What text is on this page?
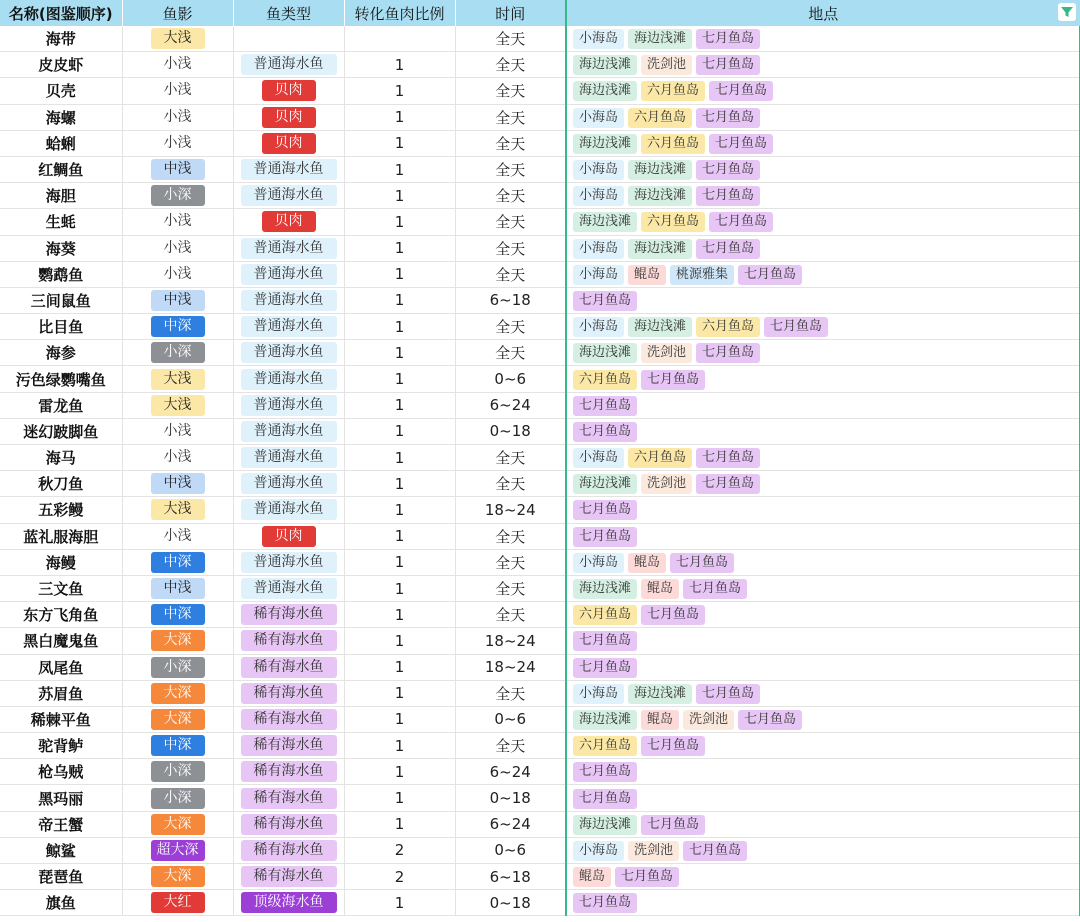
名称(图鉴顺序)	鱼影	鱼类型	转化鱼肉比例	时间	地点

海带	大浅			全天	小海岛 海边浅滩 七月鱼岛
皮皮虾	小浅	普通海水鱼	1	全天	海边浅滩 洗剑池 七月鱼岛
贝壳	小浅	贝肉	1	全天	海边浅滩 六月鱼岛 七月鱼岛
海螺	小浅	贝肉	1	全天	小海岛 六月鱼岛 七月鱼岛
蛤蜊	小浅	贝肉	1	全天	海边浅滩 六月鱼岛 七月鱼岛
红鲷鱼	中浅	普通海水鱼	1	全天	小海岛 海边浅滩 七月鱼岛
海胆	小深	普通海水鱼	1	全天	小海岛 海边浅滩 七月鱼岛
生蚝	小浅	贝肉	1	全天	海边浅滩 六月鱼岛 七月鱼岛
海葵	小浅	普通海水鱼	1	全天	小海岛 海边浅滩 七月鱼岛
鹦鹉鱼	小浅	普通海水鱼	1	全天	小海岛 鲲岛 桃源雅集 七月鱼岛
三间鼠鱼	中浅	普通海水鱼	1	6~18	七月鱼岛
比目鱼	中深	普通海水鱼	1	全天	小海岛 海边浅滩 六月鱼岛 七月鱼岛
海参	小深	普通海水鱼	1	全天	海边浅滩 洗剑池 七月鱼岛
污色绿鹦嘴鱼	大浅	普通海水鱼	1	0~6	六月鱼岛 七月鱼岛
雷龙鱼	大浅	普通海水鱼	1	6~24	七月鱼岛
迷幻跛脚鱼	小浅	普通海水鱼	1	0~18	七月鱼岛
海马	小浅	普通海水鱼	1	全天	小海岛 六月鱼岛 七月鱼岛
秋刀鱼	中浅	普通海水鱼	1	全天	海边浅滩 洗剑池 七月鱼岛
五彩鳗	大浅	普通海水鱼	1	18~24	七月鱼岛
蓝礼服海胆	小浅	贝肉	1	全天	七月鱼岛
海鳗	中深	普通海水鱼	1	全天	小海岛 鲲岛 七月鱼岛
三文鱼	中浅	普通海水鱼	1	全天	海边浅滩 鲲岛 七月鱼岛
东方飞角鱼	中深	稀有海水鱼	1	全天	六月鱼岛 七月鱼岛
黑白魔鬼鱼	大深	稀有海水鱼	1	18~24	七月鱼岛
凤尾鱼	小深	稀有海水鱼	1	18~24	七月鱼岛
苏眉鱼	大深	稀有海水鱼	1	全天	小海岛 海边浅滩 七月鱼岛
稀棘平鱼	大深	稀有海水鱼	1	0~6	海边浅滩 鲲岛 洗剑池 七月鱼岛
驼背鲈	中深	稀有海水鱼	1	全天	六月鱼岛 七月鱼岛
枪乌贼	小深	稀有海水鱼	1	6~24	七月鱼岛
黑玛丽	小深	稀有海水鱼	1	0~18	七月鱼岛
帝王蟹	大深	稀有海水鱼	1	6~24	海边浅滩 七月鱼岛
鲸鲨	超大深	稀有海水鱼	2	0~6	小海岛 洗剑池 七月鱼岛
琵琶鱼	大深	稀有海水鱼	2	6~18	鲲岛 七月鱼岛
旗鱼	大红	顶级海水鱼	1	0~18	七月鱼岛
